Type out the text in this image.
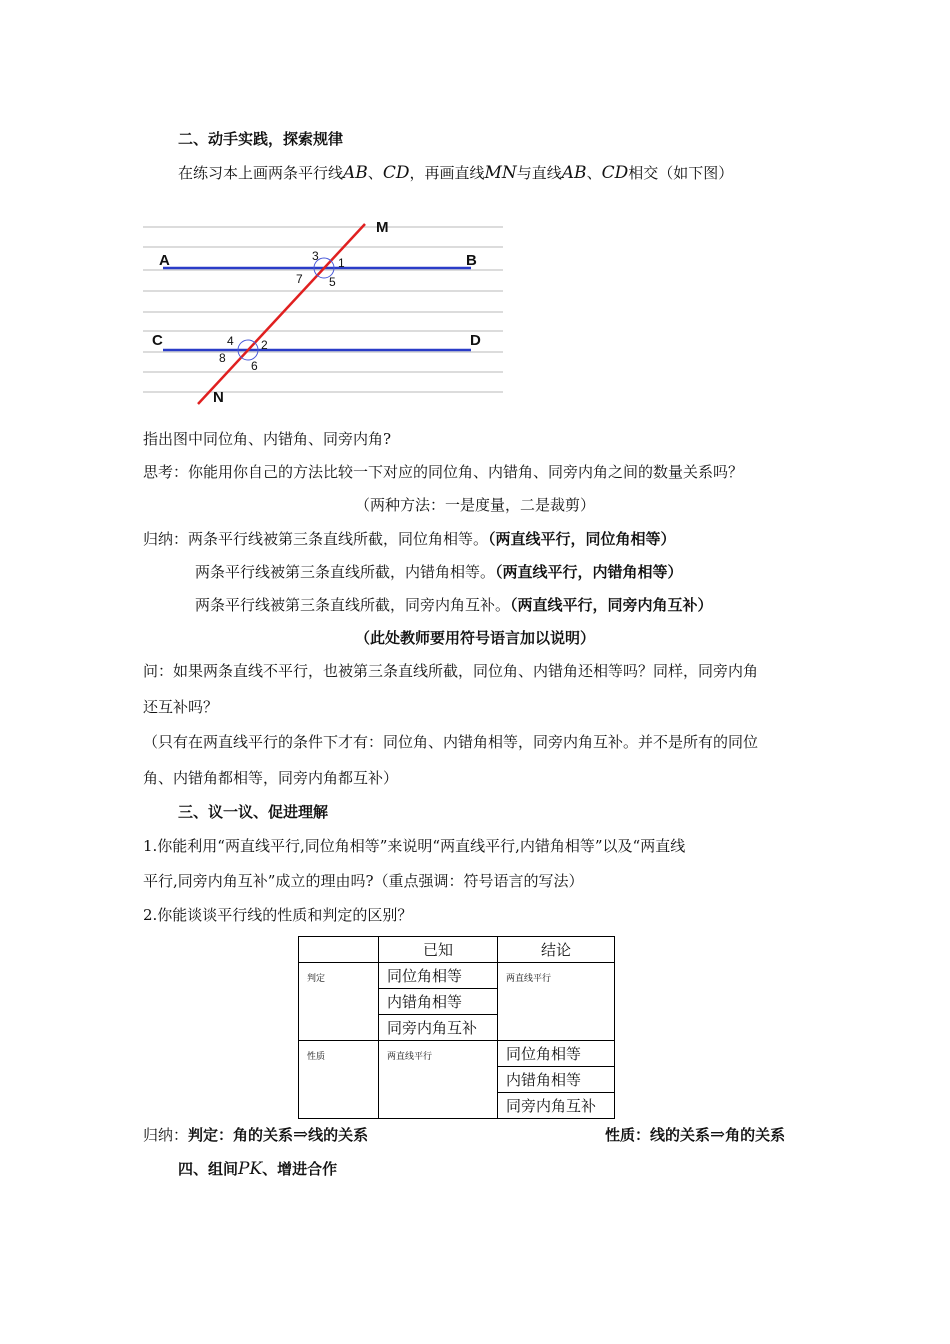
二、动手实践，探索规律
在练习本上画两条平行线AB、CD，再画直线MN与直线AB、CD相交（如下图）
M
N
A	B
C	D
3 1
7 5
4 2
8
6
指出图中同位角、内错角、同旁内角?
思考：你能用你自己的方法比较一下对应的同位角、内错角、同旁内角之间的数量关系吗？
（两种方法：一是度量，二是裁剪）
归纳：两条平行线被第三条直线所截，同位角相等。（两直线平行，同位角相等）
两条平行线被第三条直线所截，内错角相等。（两直线平行，内错角相等）
两条平行线被第三条直线所截，同旁内角互补。（两直线平行，同旁内角互补）
（此处教师要用符号语言加以说明）
问：如果两条直线不平行，也被第三条直线所截，同位角、内错角还相等吗？同样，同旁内角
还互补吗？
（只有在两直线平行的条件下才有：同位角、内错角相等，同旁内角互补。并不是所有的同位
角、内错角都相等，同旁内角都互补）
三、议一议、促进理解
1.你能利用“两直线平行,同位角相等”来说明“两直线平行,内错角相等”以及“两直线
平行,同旁内角互补”成立的理由吗?（重点强调：符号语言的写法）
2.你能谈谈平行线的性质和判定的区别？
	已知	结论
判定	同位角相等	两直线平行
	内错角相等	
	同旁内角互补	
性质	两直线平行	同位角相等
		内错角相等
		同旁内角互补
归纳：判定：角的关系⇒线的关系	性质：线的关系⇒角的关系
四、组间PK、增进合作
